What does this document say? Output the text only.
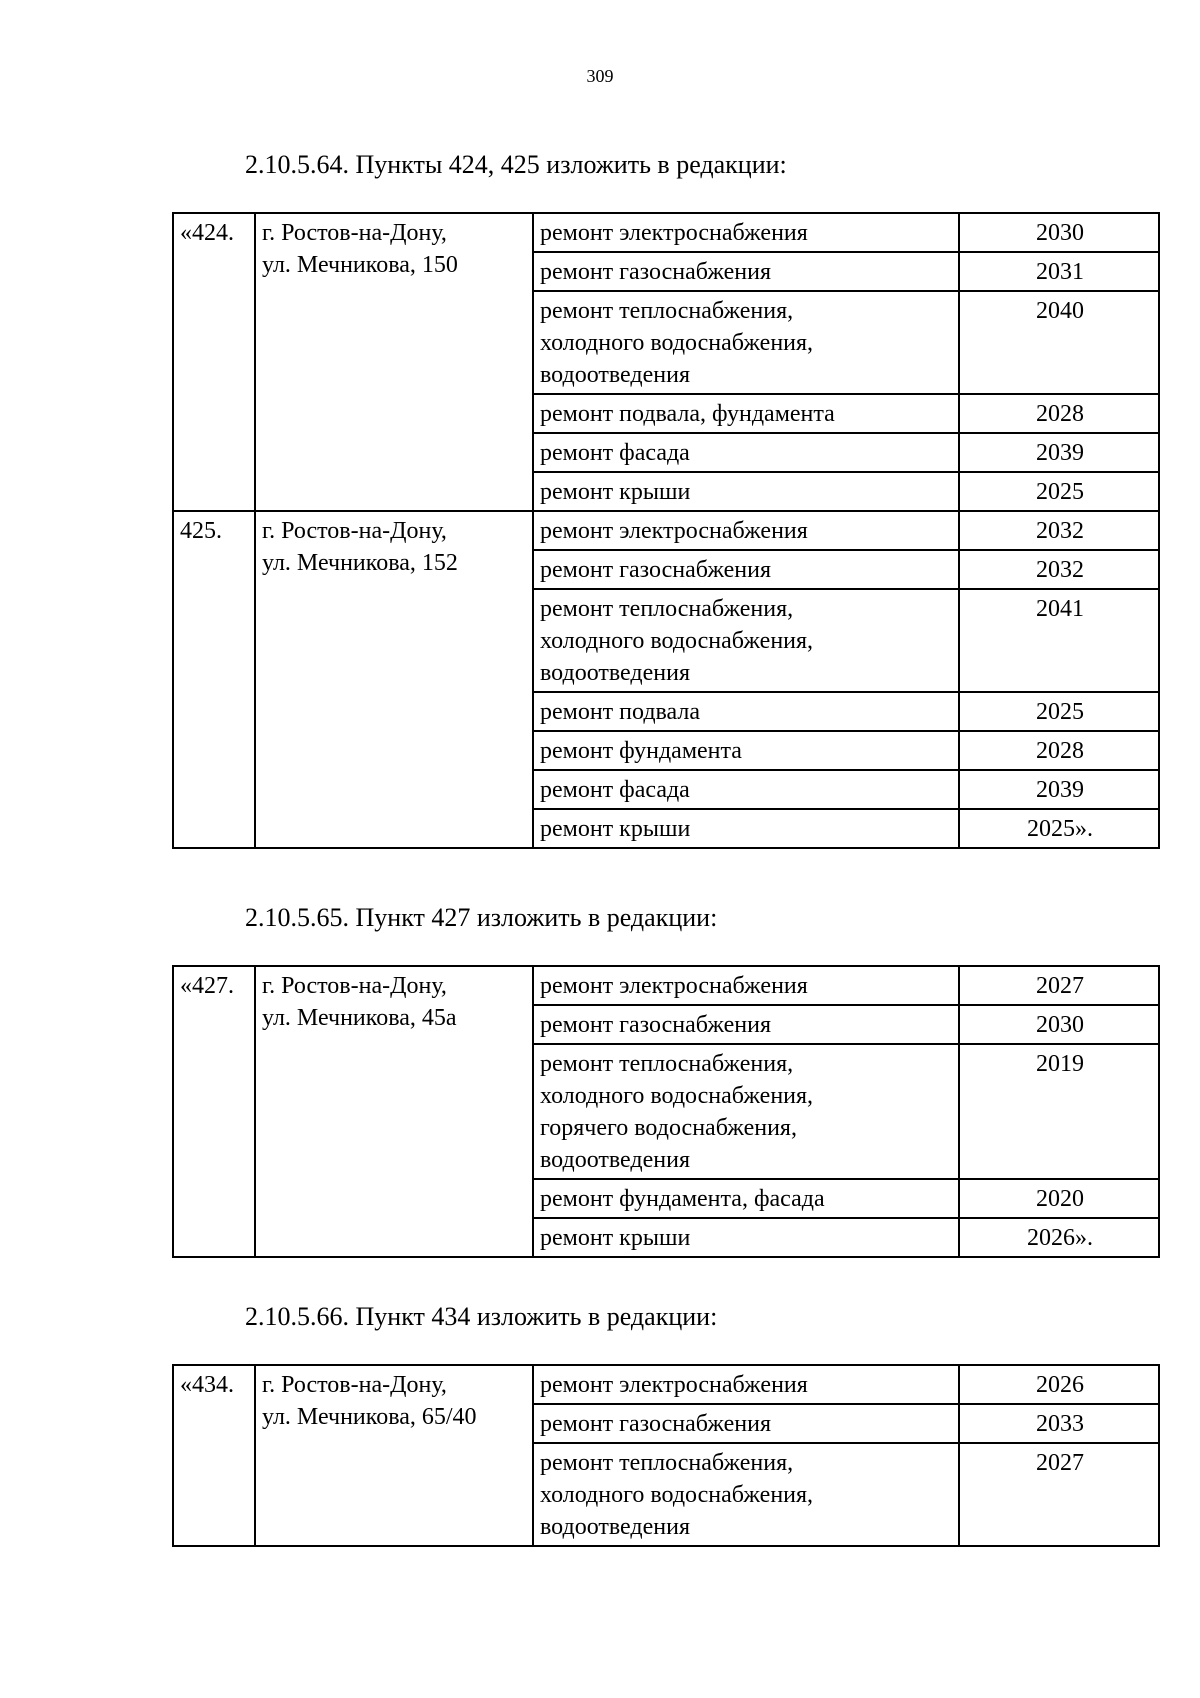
309
2.10.5.64. Пункты 424, 425 изложить в редакции:
«424.	г. Ростов-на-Дону,
ул. Мечникова, 150	ремонт электроснабжения	2030

		ремонт газоснабжения	2031

		ремонт теплоснабжения,
холодного водоснабжения,
водоотведения	2040

		ремонт подвала, фундамента	2028

		ремонт фасада	2039

		ремонт крыши	2025
425.	г. Ростов-на-Дону,
ул. Мечникова, 152	ремонт электроснабжения	2032

		ремонт газоснабжения	2032

		ремонт теплоснабжения,
холодного водоснабжения,
водоотведения	2041

		ремонт подвала	2025

		ремонт фундамента	2028

		ремонт фасада	2039

		ремонт крыши	2025».
2.10.5.65. Пункт 427 изложить в редакции:
«427.	г. Ростов-на-Дону,
ул. Мечникова, 45а	ремонт электроснабжения	2027

		ремонт газоснабжения	2030

		ремонт теплоснабжения,
холодного водоснабжения,
горячего водоснабжения,
водоотведения	2019

		ремонт фундамента, фасада	2020

		ремонт крыши	2026».
2.10.5.66. Пункт 434 изложить в редакции:
«434.	г. Ростов-на-Дону,
ул. Мечникова, 65/40	ремонт электроснабжения	2026

		ремонт газоснабжения	2033

		ремонт теплоснабжения,
холодного водоснабжения,
водоотведения	2027
